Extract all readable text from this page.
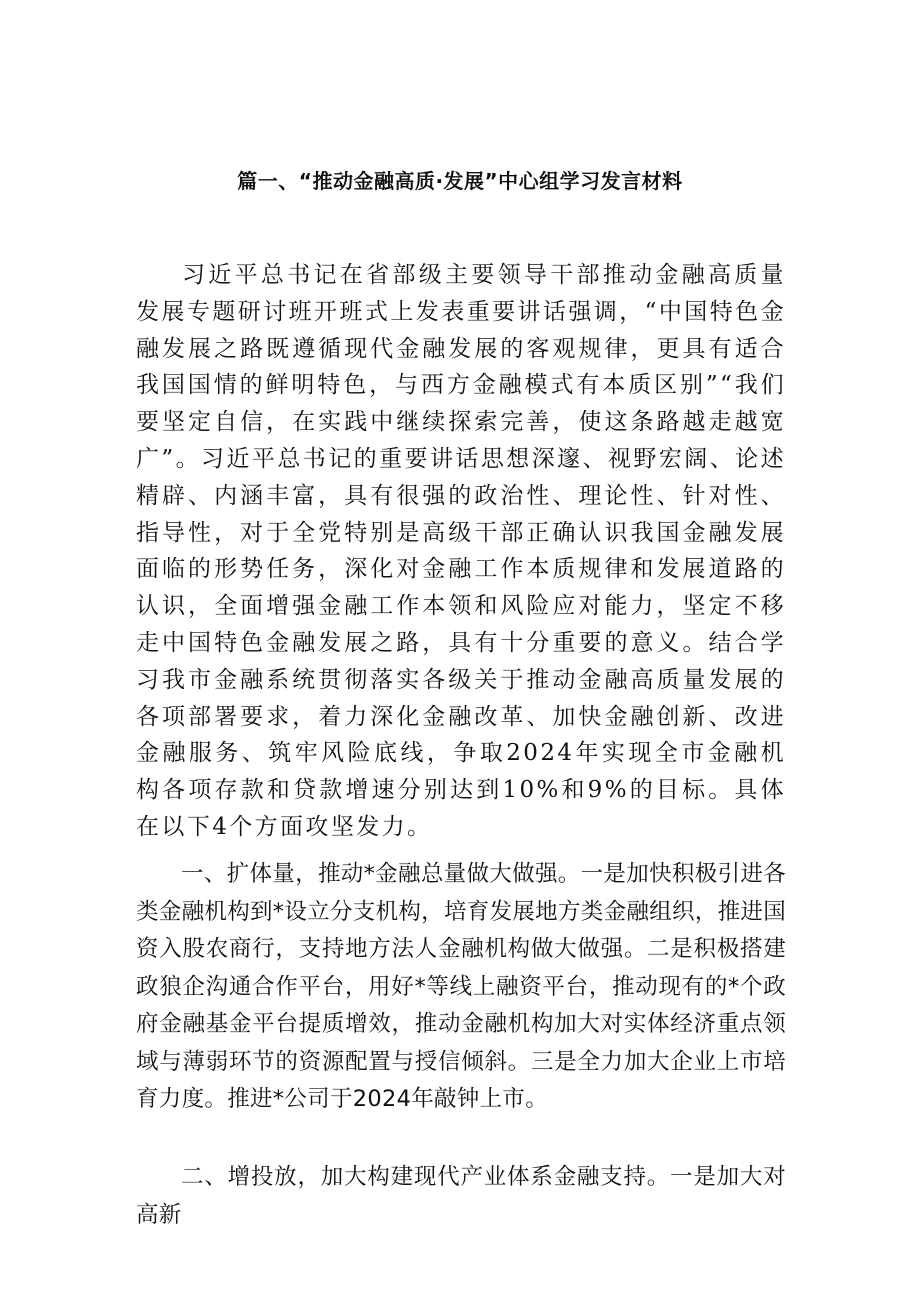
篇一、“推动金融高质·发展”中心组学习发言材料

习近平总书记在省部级主要领导干部推动金融高质量发展专题研讨班开班式上发表重要讲话强调，“中国特色金融发展之路既遵循现代金融发展的客观规律，更具有适合我国国情的鲜明特色，与西方金融模式有本质区别”“我们要坚定自信，在实践中继续探索完善，使这条路越走越宽广”。习近平总书记的重要讲话思想深邃、视野宏阔、论述精辟、内涵丰富，具有很强的政治性、理论性、针对性、指导性，对于全党特别是高级干部正确认识我国金融发展面临的形势任务，深化对金融工作本质规律和发展道路的认识，全面增强金融工作本领和风险应对能力，坚定不移走中国特色金融发展之路，具有十分重要的意义。结合学习我市金融系统贯彻落实各级关于推动金融高质量发展的各项部署要求，着力深化金融改革、加快金融创新、改进金融服务、筑牢风险底线，争取2024年实现全市金融机构各项存款和贷款增速分别达到10%和9%的目标。具体在以下4个方面攻坚发力。

一、扩体量，推动*金融总量做大做强。一是加快积极引进各类金融机构到*设立分支机构，培育发展地方类金融组织，推进国资入股农商行，支持地方法人金融机构做大做强。二是积极搭建政狼企沟通合作平台，用好*等线上融资平台，推动现有的*个政府金融基金平台提质增效，推动金融机构加大对实体经济重点领域与薄弱环节的资源配置与授信倾斜。三是全力加大企业上市培育力度。推进*公司于2024年敲钟上市。

二、增投放，加大构建现代产业体系金融支持。一是加大对高新
